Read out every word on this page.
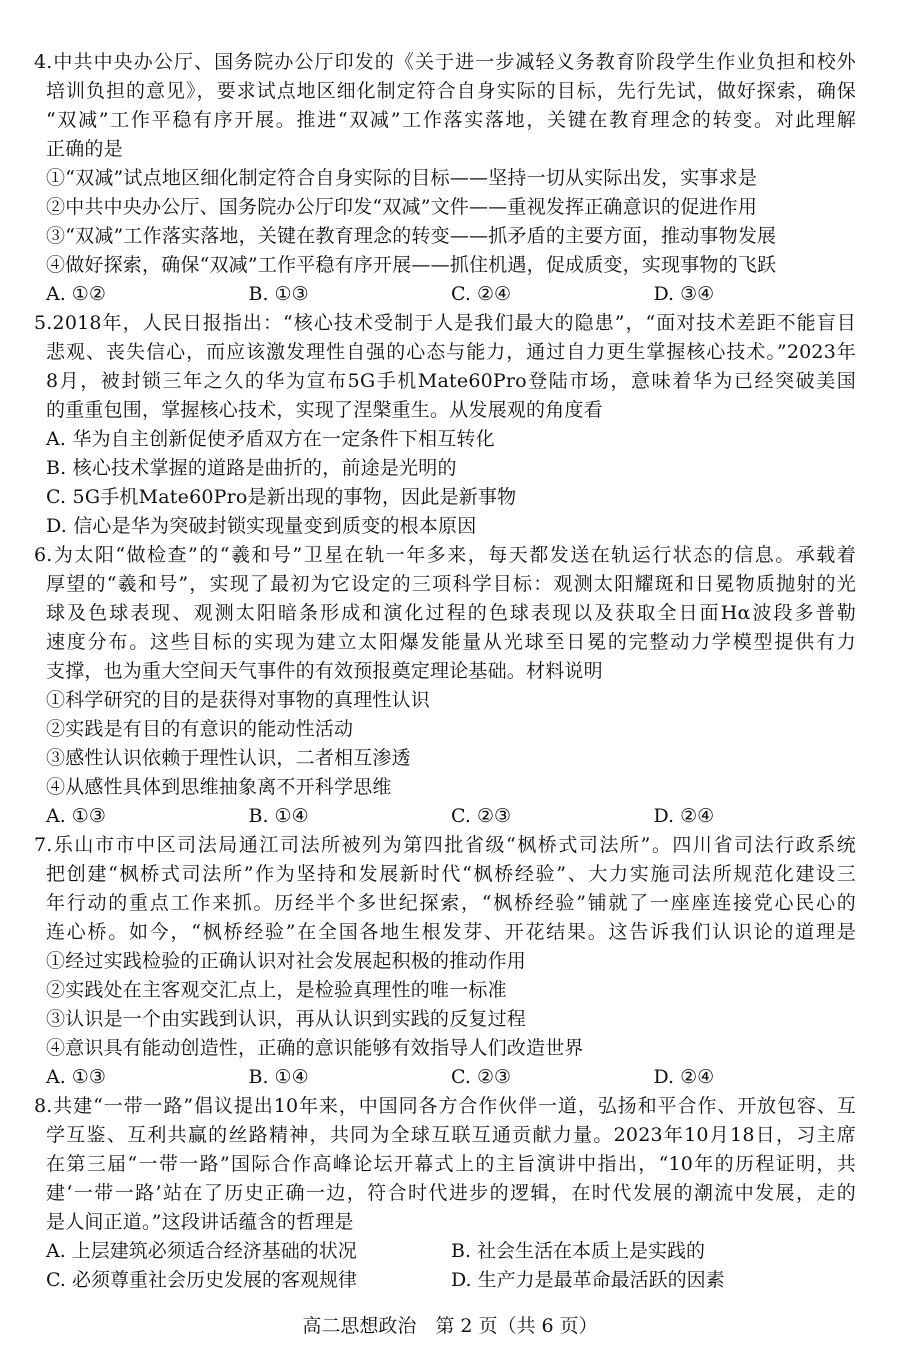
4.中共中央办公厅、国务院办公厅印发的《关于进一步减轻义务教育阶段学生作业负担和校外
培训负担的意见》，要求试点地区细化制定符合自身实际的目标，先行先试，做好探索，确保
“双减”工作平稳有序开展。推进“双减”工作落实落地，关键在教育理念的转变。对此理解
正确的是
①“双减”试点地区细化制定符合自身实际的目标——坚持一切从实际出发，实事求是
②中共中央办公厅、国务院办公厅印发“双减”文件——重视发挥正确意识的促进作用
③“双减”工作落实落地，关键在教育理念的转变——抓矛盾的主要方面，推动事物发展
④做好探索，确保“双减”工作平稳有序开展——抓住机遇，促成质变，实现事物的飞跃
A. ①②	B. ①③	C. ②④	D. ③④
5.2018年，人民日报指出：“核心技术受制于人是我们最大的隐患”，“面对技术差距不能盲目
悲观、丧失信心，而应该激发理性自强的心态与能力，通过自力更生掌握核心技术。”2023年
8月，被封锁三年之久的华为宣布5G手机Mate60Pro登陆市场，意味着华为已经突破美国
的重重包围，掌握核心技术，实现了涅槃重生。从发展观的角度看
A. 华为自主创新促使矛盾双方在一定条件下相互转化
B. 核心技术掌握的道路是曲折的，前途是光明的
C. 5G手机Mate60Pro是新出现的事物，因此是新事物
D. 信心是华为突破封锁实现量变到质变的根本原因
6.为太阳“做检查”的“羲和号”卫星在轨一年多来，每天都发送在轨运行状态的信息。承载着
厚望的“羲和号”，实现了最初为它设定的三项科学目标：观测太阳耀斑和日冕物质抛射的光
球及色球表现、观测太阳暗条形成和演化过程的色球表现以及获取全日面Hα波段多普勒
速度分布。这些目标的实现为建立太阳爆发能量从光球至日冕的完整动力学模型提供有力
支撑，也为重大空间天气事件的有效预报奠定理论基础。材料说明
①科学研究的目的是获得对事物的真理性认识
②实践是有目的有意识的能动性活动
③感性认识依赖于理性认识，二者相互渗透
④从感性具体到思维抽象离不开科学思维
A. ①③	B. ①④	C. ②③	D. ②④
7.乐山市市中区司法局通江司法所被列为第四批省级“枫桥式司法所”。四川省司法行政系统
把创建“枫桥式司法所”作为坚持和发展新时代“枫桥经验”、大力实施司法所规范化建设三
年行动的重点工作来抓。历经半个多世纪探索，“枫桥经验”铺就了一座座连接党心民心的
连心桥。如今，“枫桥经验”在全国各地生根发芽、开花结果。这告诉我们认识论的道理是
①经过实践检验的正确认识对社会发展起积极的推动作用
②实践处在主客观交汇点上，是检验真理性的唯一标准
③认识是一个由实践到认识，再从认识到实践的反复过程
④意识具有能动创造性，正确的意识能够有效指导人们改造世界
A. ①③	B. ①④	C. ②③	D. ②④
8.共建“一带一路”倡议提出10年来，中国同各方合作伙伴一道，弘扬和平合作、开放包容、互
学互鉴、互利共赢的丝路精神，共同为全球互联互通贡献力量。2023年10月18日，习主席
在第三届“一带一路”国际合作高峰论坛开幕式上的主旨演讲中指出，“10年的历程证明，共
建‘一带一路’站在了历史正确一边，符合时代进步的逻辑，在时代发展的潮流中发展，走的
是人间正道。”这段讲话蕴含的哲理是
A. 上层建筑必须适合经济基础的状况	B. 社会生活在本质上是实践的
C. 必须尊重社会历史发展的客观规律	D. 生产力是最革命最活跃的因素
高二思想政治　第 2 页（共 6 页）
